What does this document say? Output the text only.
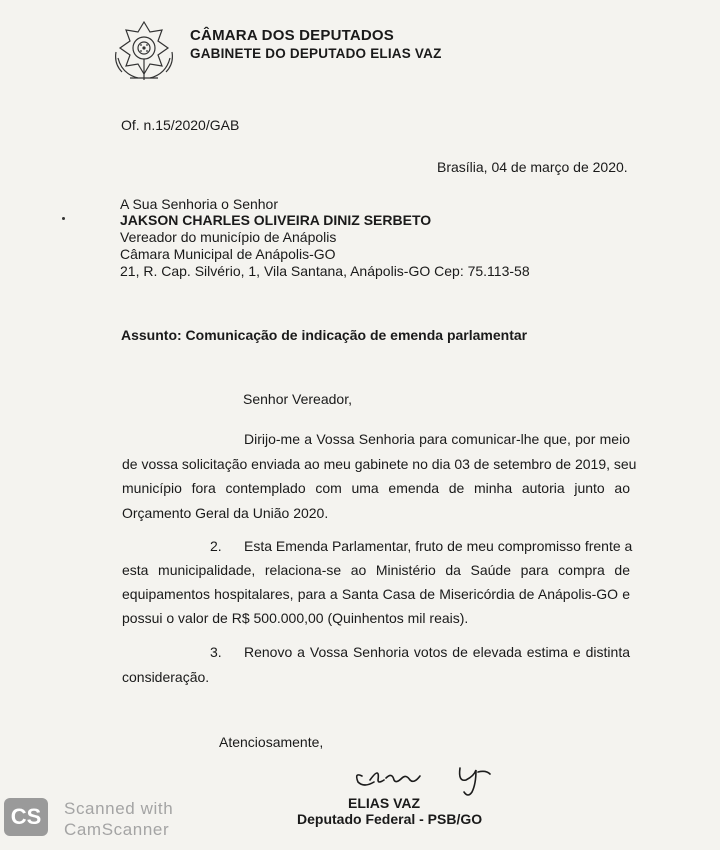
CÂMARA DOS DEPUTADOS
GABINETE DO DEPUTADO ELIAS VAZ
Of. n.15/2020/GAB
Brasília, 04 de março de 2020.
A Sua Senhoria o Senhor
JAKSON CHARLES OLIVEIRA DINIZ SERBETO
Vereador do município de Anápolis
Câmara Municipal de Anápolis-GO
21, R. Cap. Silvério, 1, Vila Santana, Anápolis-GO Cep: 75.113-58
Assunto: Comunicação de indicação de emenda parlamentar
Senhor Vereador,
Dirijo-me a Vossa Senhoria para comunicar-lhe que, por meio
de vossa solicitação enviada ao meu gabinete no dia 03 de setembro de 2019, seu
município fora contemplado com uma emenda de minha autoria junto ao
Orçamento Geral da União 2020.
2. Esta Emenda Parlamentar, fruto de meu compromisso frente a
esta municipalidade, relaciona-se ao Ministério da Saúde para compra de
equipamentos hospitalares, para a Santa Casa de Misericórdia de Anápolis-GO e
possui o valor de R$ 500.000,00 (Quinhentos mil reais).
3. Renovo a Vossa Senhoria votos de elevada estima e distinta
consideração.
Atenciosamente,
ELIAS VAZ
Deputado Federal - PSB/GO
CS	Scanned with
CamScanner
